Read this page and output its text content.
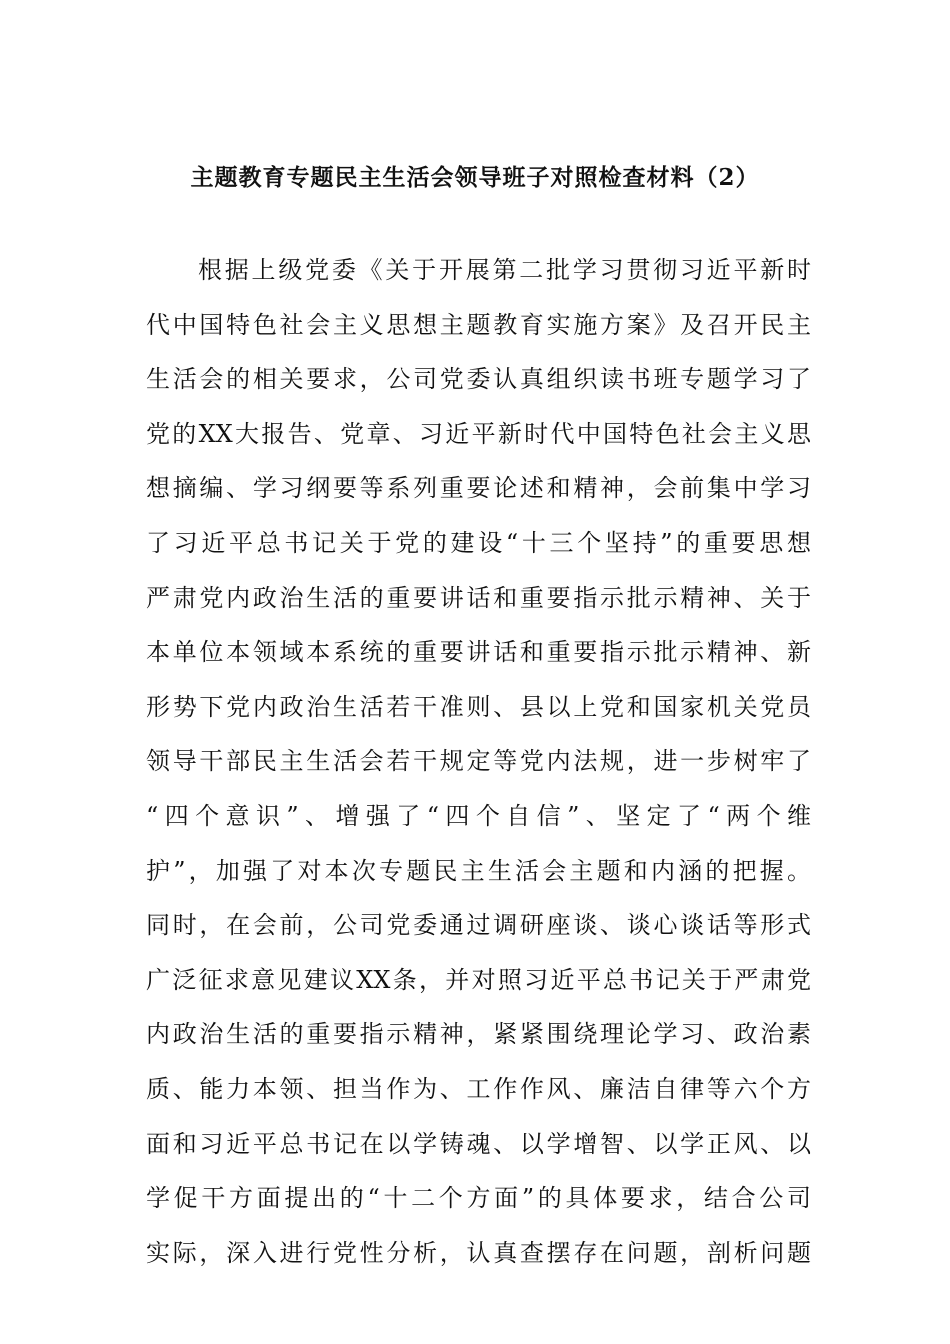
主题教育专题民主生活会领导班子对照检查材料（2）
根据上级党委《关于开展第二批学习贯彻习近平新时
代中国特色社会主义思想主题教育实施方案》及召开民主
生活会的相关要求，公司党委认真组织读书班专题学习了
党的XX大报告、党章、习近平新时代中国特色社会主义思
想摘编、学习纲要等系列重要论述和精神，会前集中学习
了习近平总书记关于党的建设“十三个坚持”的重要思想
严肃党内政治生活的重要讲话和重要指示批示精神、关于
本单位本领域本系统的重要讲话和重要指示批示精神、新
形势下党内政治生活若干准则、县以上党和国家机关党员
领导干部民主生活会若干规定等党内法规，进一步树牢了
“四个意识”、增强了“四个自信”、坚定了“两个维
护”，加强了对本次专题民主生活会主题和内涵的把握。
同时，在会前，公司党委通过调研座谈、谈心谈话等形式
广泛征求意见建议XX条，并对照习近平总书记关于严肃党
内政治生活的重要指示精神，紧紧围绕理论学习、政治素
质、能力本领、担当作为、工作作风、廉洁自律等六个方
面和习近平总书记在以学铸魂、以学增智、以学正风、以
学促干方面提出的“十二个方面”的具体要求，结合公司
实际，深入进行党性分析，认真查摆存在问题，剖析问题
